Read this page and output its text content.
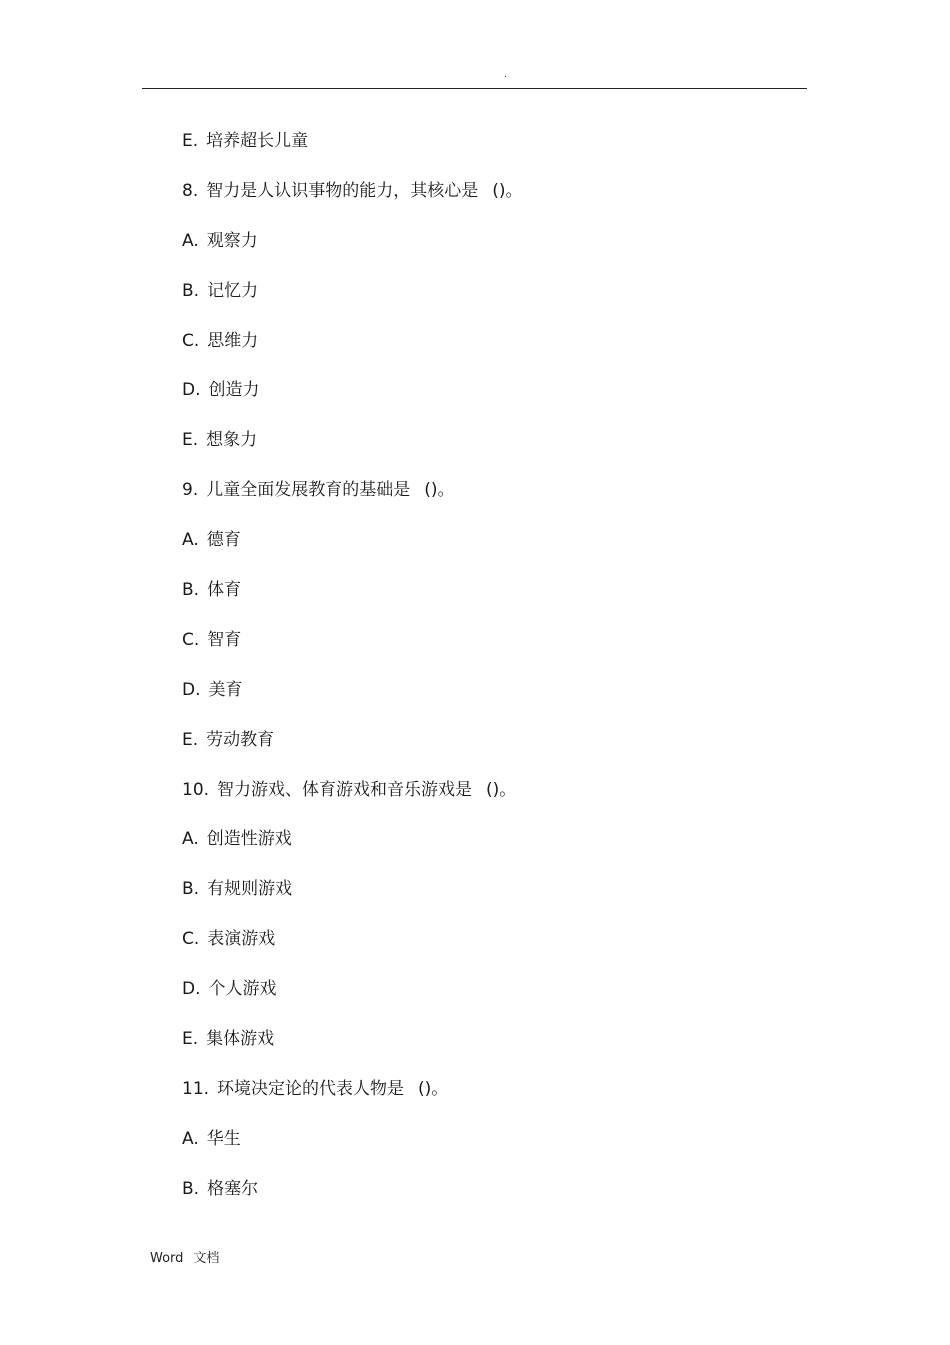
.
E. 培养超长儿童
8. 智力是人认识事物的能力，其核心是 ()。
A. 观察力
B. 记忆力
C. 思维力
D. 创造力
E. 想象力
9. 儿童全面发展教育的基础是 ()。
A. 德育
B. 体育
C. 智育
D. 美育
E. 劳动教育
10. 智力游戏、体育游戏和音乐游戏是 ()。
A. 创造性游戏
B. 有规则游戏
C. 表演游戏
D. 个人游戏
E. 集体游戏
11. 环境决定论的代表人物是 ()。
A. 华生
B. 格塞尔
Word 文档
